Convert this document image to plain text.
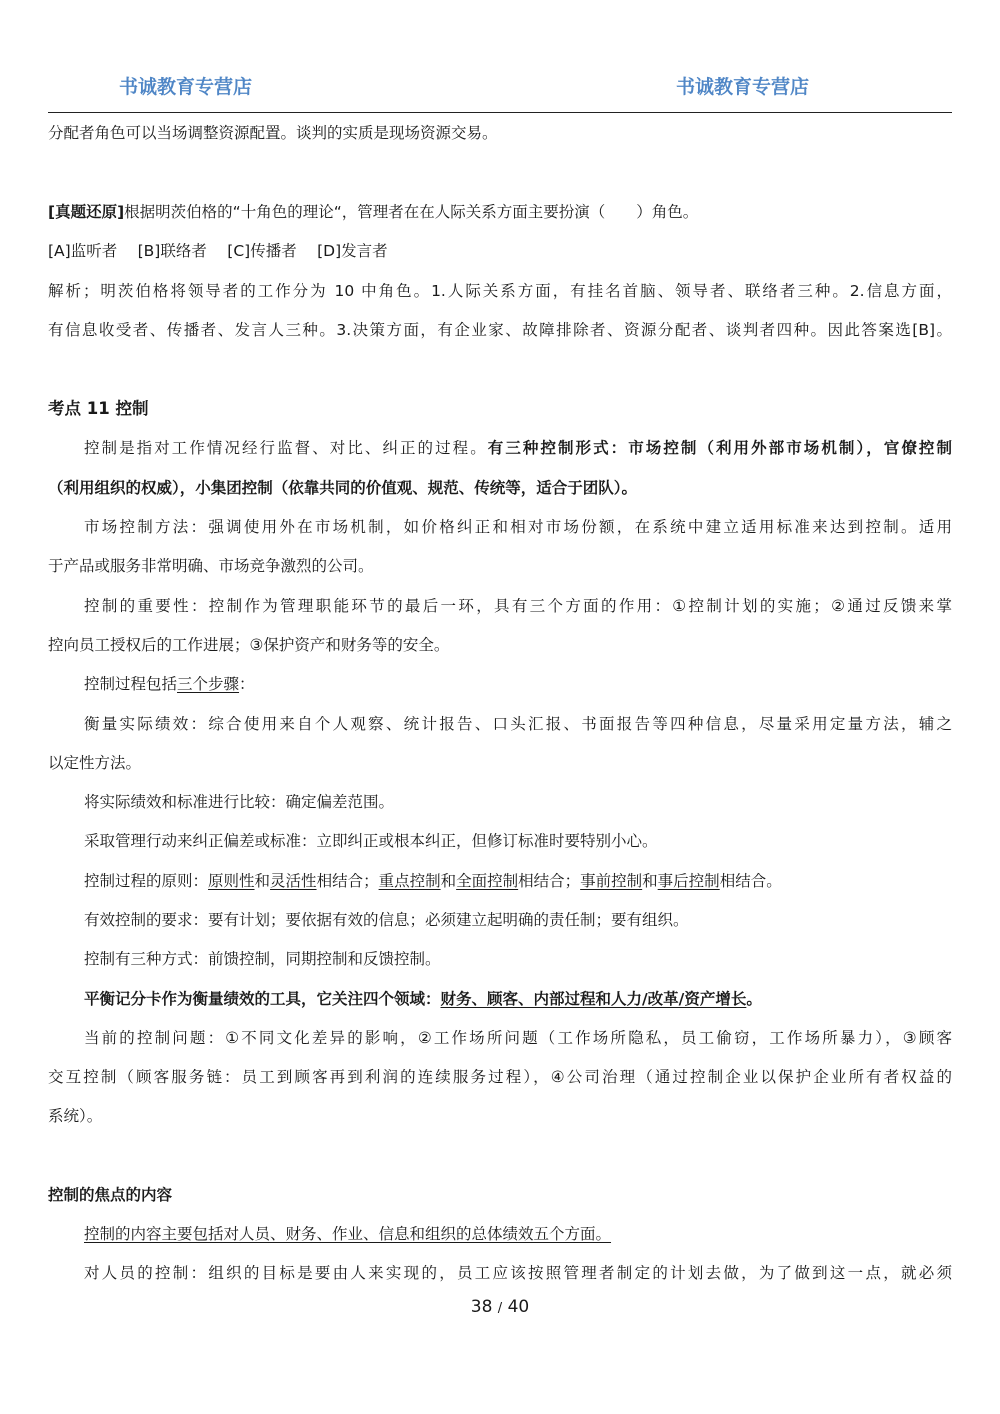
书诚教育专营店	书诚教育专营店
分配者角色可以当场调整资源配置。谈判的实质是现场资源交易。
[真题还原]根据明茨伯格的“十角色的理论“，管理者在在人际关系方面主要扮演（　　）角色。
[A]监听者　 [B]联络者　 [C]传播者　 [D]发言者
解析；明茨伯格将领导者的工作分为 10 中角色。1.人际关系方面，有挂名首脑、领导者、联络者三种。2.信息方面，
有信息收受者、传播者、发言人三种。3.决策方面，有企业家、故障排除者、资源分配者、谈判者四种。因此答案选[B]。
考点 11 控制
控制是指对工作情况经行监督、对比、纠正的过程。有三种控制形式：市场控制（利用外部市场机制），官僚控制
（利用组织的权威），小集团控制（依靠共同的价值观、规范、传统等，适合于团队）。
市场控制方法：强调使用外在市场机制，如价格纠正和相对市场份额，在系统中建立适用标准来达到控制。适用
于产品或服务非常明确、市场竞争激烈的公司。
控制的重要性：控制作为管理职能环节的最后一环，具有三个方面的作用：①控制计划的实施；②通过反馈来掌
控向员工授权后的工作进展；③保护资产和财务等的安全。
控制过程包括三个步骤：
衡量实际绩效：综合使用来自个人观察、统计报告、口头汇报、书面报告等四种信息，尽量采用定量方法，辅之
以定性方法。
将实际绩效和标准进行比较：确定偏差范围。
采取管理行动来纠正偏差或标准：立即纠正或根本纠正，但修订标准时要特别小心。
控制过程的原则：原则性和灵活性相结合；重点控制和全面控制相结合；事前控制和事后控制相结合。
有效控制的要求：要有计划；要依据有效的信息；必须建立起明确的责任制；要有组织。
控制有三种方式：前馈控制，同期控制和反馈控制。
平衡记分卡作为衡量绩效的工具，它关注四个领域：财务、顾客、内部过程和人力/改革/资产增长。
当前的控制问题：①不同文化差异的影响，②工作场所问题（工作场所隐私，员工偷窃，工作场所暴力），③顾客
交互控制（顾客服务链：员工到顾客再到利润的连续服务过程），④公司治理（通过控制企业以保护企业所有者权益的
系统）。
控制的焦点的内容
控制的内容主要包括对人员、财务、作业、信息和组织的总体绩效五个方面。
对人员的控制：组织的目标是要由人来实现的，员工应该按照管理者制定的计划去做，为了做到这一点，就必须
38 / 40
